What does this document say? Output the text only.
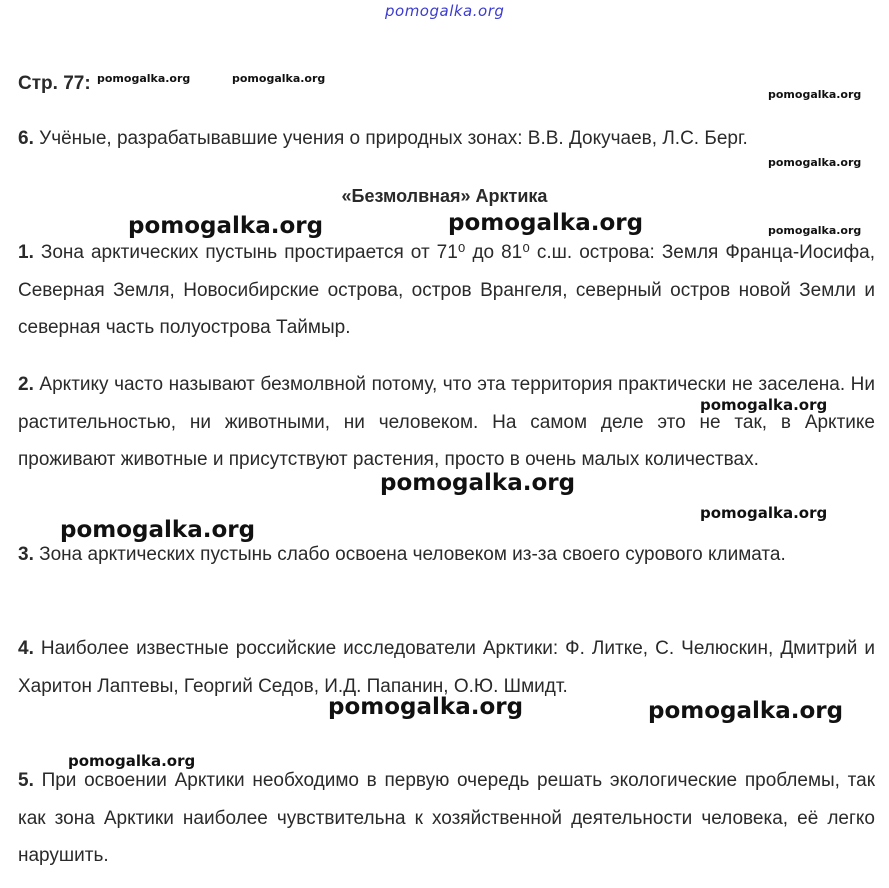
pomogalka.org
Стр. 77:
6. Учёные, разрабатывавшие учения о природных зонах: В.В. Докучаев, Л.С. Берг.
«Безмолвная» Арктика
1. Зона арктических пустынь простирается от 71⁰ до 81⁰ с.ш. острова: Земля Франца-Иосифа, Северная Земля, Новосибирские острова, остров Врангеля, северный остров новой Земли и северная часть полуострова Таймыр.
2. Арктику часто называют безмолвной потому, что эта территория практически не заселена. Ни растительностью, ни животными, ни человеком. На самом деле это не так, в Арктике проживают животные и присутствуют растения, просто в очень малых количествах.
3. Зона арктических пустынь слабо освоена человеком из-за своего сурового климата.
4. Наиболее известные российские исследователи Арктики: Ф. Литке, С. Челюскин, Дмитрий и Харитон Лаптевы, Георгий Седов, И.Д. Папанин, О.Ю. Шмидт.
5. При освоении Арктики необходимо в первую очередь решать экологические проблемы, так как зона Арктики наиболее чувствительна к хозяйственной деятельности человека, её легко нарушить.
pomogalka.org	pomogalka.org
pomogalka.org
pomogalka.org
pomogalka.org
pomogalka.org	pomogalka.org
pomogalka.org
pomogalka.org
pomogalka.org
pomogalka.org
pomogalka.org	pomogalka.org
pomogalka.org
